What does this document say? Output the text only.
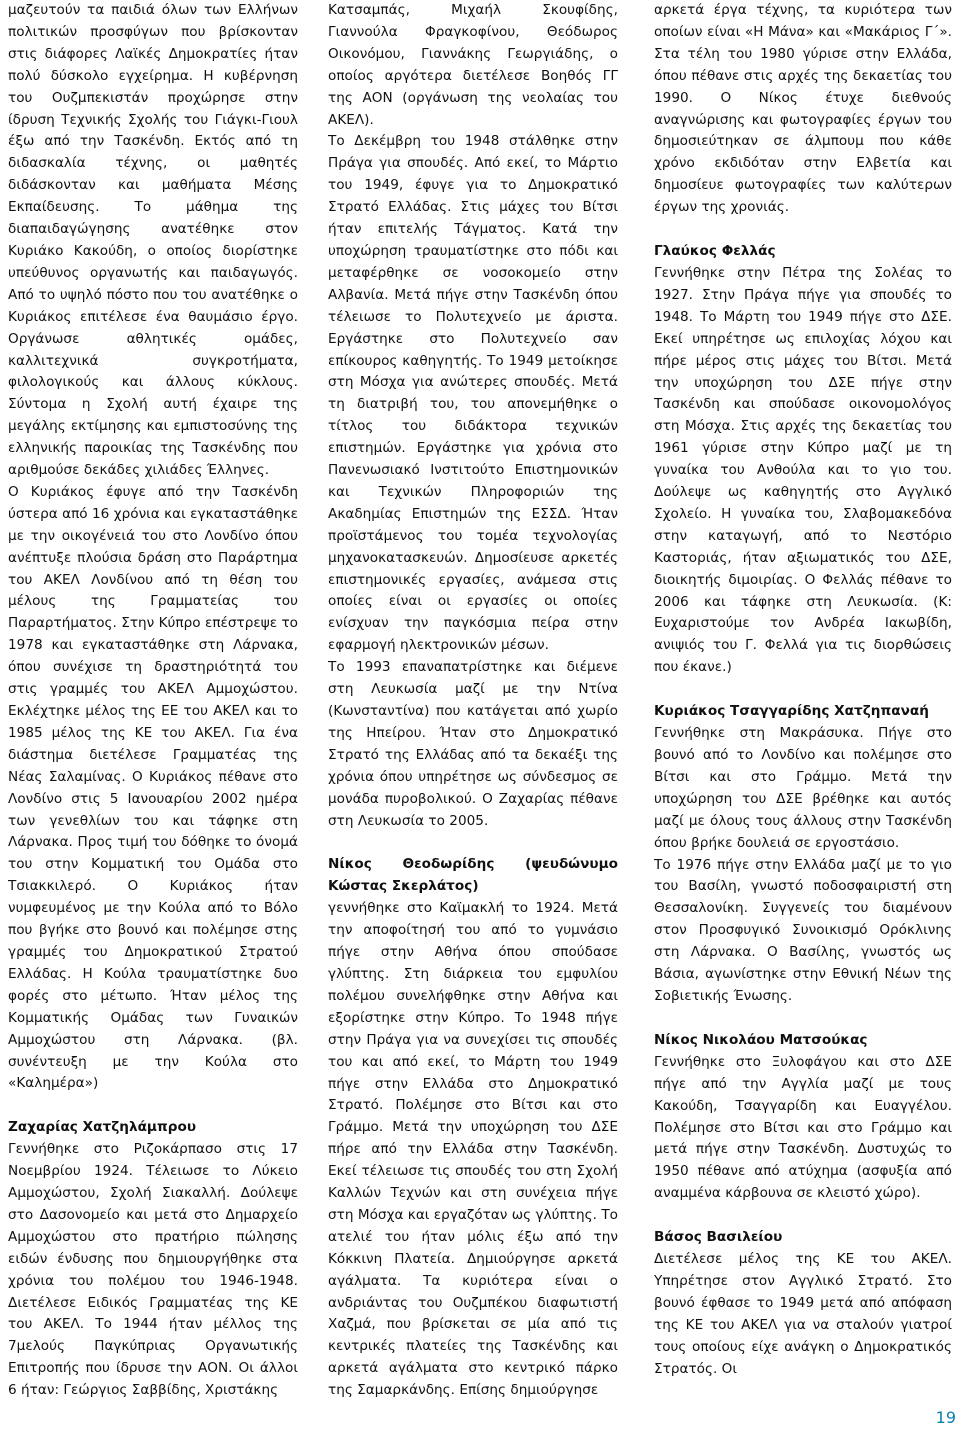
μαζευτούν τα παιδιά όλων των Ελλήνων πολιτικών προσφύγων που βρίσκονταν στις διάφορες Λαϊκές Δημοκρατίες ήταν πολύ δύσκολο εγχείρημα. Η κυβέρνηση του Ουζμπεκιστάν προχώρησε στην ίδρυση Τεχνικής Σχολής του Γιάγκι-Γιουλ έξω από την Τασκένδη. Εκτός από τη διδασκαλία τέχνης, οι μαθητές διδάσκονταν και μαθήματα Μέσης Εκπαίδευσης. Το μάθημα της διαπαιδαγώγησης ανατέθηκε στον Κυριάκο Κακούδη, ο οποίος διορίστηκε υπεύθυνος οργανωτής και παιδαγωγός. Από το υψηλό πόστο που του ανατέθηκε ο Κυριάκος επιτέλεσε ένα θαυμάσιο έργο. Οργάνωσε αθλητικές ομάδες, καλλιτεχνικά συγκροτήματα, φιλολογικούς και άλλους κύκλους. Σύντομα η Σχολή αυτή έχαιρε της μεγάλης εκτίμησης και εμπιστοσύνης της ελληνικής παροικίας της Τασκένδης που αριθμούσε δεκάδες χιλιάδες Έλληνες.

Ο Κυριάκος έφυγε από την Τασκένδη ύστερα από 16 χρόνια και εγκαταστάθηκε με την οικογένειά του στο Λονδίνο όπου ανέπτυξε πλούσια δράση στο Παράρτημα του ΑΚΕΛ Λονδίνου από τη θέση του μέλους της Γραμματείας του Παραρτήματος. Στην Κύπρο επέστρεψε το 1978 και εγκαταστάθηκε στη Λάρνακα, όπου συνέχισε τη δραστηριότητά του στις γραμμές του ΑΚΕΛ Αμμοχώστου. Εκλέχτηκε μέλος της ΕΕ του ΑΚΕΛ και το 1985 μέλος της ΚΕ του ΑΚΕΛ. Για ένα διάστημα διετέλεσε Γραμματέας της Νέας Σαλαμίνας. Ο Κυριάκος πέθανε στο Λονδίνο στις 5 Ιανουαρίου 2002 ημέρα των γενεθλίων του και τάφηκε στη Λάρνακα. Προς τιμή του δόθηκε το όνομά του στην Κομματική του Ομάδα στο Τσιακκιλερό. Ο Κυριάκος ήταν νυμφευμένος με την Κούλα από το Βόλο που βγήκε στο βουνό και πολέμησε στης γραμμές του Δημοκρατικού Στρατού Ελλάδας. Η Κούλα τραυματίστηκε δυο φορές στο μέτωπο. Ήταν μέλος της Κομματικής Ομάδας των Γυναικών Αμμοχώστου στη Λάρνακα. (βλ. συνέντευξη με την Κούλα στο «Καλημέρα»)

Ζαχαρίας Χατζηλάμπρου

Γεννήθηκε στο Ριζοκάρπασο στις 17 Νοεμβρίου 1924. Τέλειωσε το Λύκειο Αμμοχώστου, Σχολή Σιακαλλή. Δούλεψε στο Δασονομείο και μετά στο Δημαρχείο Αμμοχώστου στο πρατήριο πώλησης ειδών ένδυσης που δημιουργήθηκε στα χρόνια του πολέμου του 1946-1948. Διετέλεσε Ειδικός Γραμματέας της ΚΕ του ΑΚΕΛ. Το 1944 ήταν μέλλος της 7μελούς Παγκύπριας Οργανωτικής Επιτροπής που ίδρυσε την ΑΟΝ. Οι άλλοι 6 ήταν: Γεώργιος Σαββίδης, Χριστάκης

Κατσαμπάς, Μιχαήλ Σκουφίδης, Γιαννούλα Φραγκοφίνου, Θεόδωρος Οικονόμου, Γιαννάκης Γεωργιάδης, ο οποίος αργότερα διετέλεσε Βοηθός ΓΓ της ΑΟΝ (οργάνωση της νεολαίας του ΑΚΕΛ).

Το Δεκέμβρη του 1948 στάλθηκε στην Πράγα για σπουδές. Από εκεί, το Μάρτιο του 1949, έφυγε για το Δημοκρατικό Στρατό Ελλάδας. Στις μάχες του Βίτσι ήταν επιτελής Τάγματος. Κατά την υποχώρηση τραυματίστηκε στο πόδι και μεταφέρθηκε σε νοσοκομείο στην Αλβανία. Μετά πήγε στην Τασκένδη όπου τέλειωσε το Πολυτεχνείο με άριστα. Εργάστηκε στο Πολυτεχνείο σαν επίκουρος καθηγητής. Το 1949 μετοίκησε στη Μόσχα για ανώτερες σπουδές. Μετά τη διατριβή του, του απονεμήθηκε ο τίτλος του διδάκτορα τεχνικών επιστημών. Εργάστηκε για χρόνια στο Πανενωσιακό Ινστιτούτο Επιστημονικών και Τεχνικών Πληροφοριών της Ακαδημίας Επιστημών της ΕΣΣΔ. Ήταν προϊστάμενος του τομέα τεχνολογίας μηχανοκατασκευών. Δημοσίευσε αρκετές επιστημονικές εργασίες, ανάμεσα στις οποίες είναι οι εργασίες οι οποίες ενίσχυαν την παγκόσμια πείρα στην εφαρμογή ηλεκτρονικών μέσων.

Το 1993 επαναπατρίστηκε και διέμενε στη Λευκωσία μαζί με την Ντίνα (Κωνσταντίνα) που κατάγεται από χωρίο της Ηπείρου. Ήταν στο Δημοκρατικό Στρατό της Ελλάδας από τα δεκαέξι της χρόνια όπου υπηρέτησε ως σύνδεσμος σε μονάδα πυροβολικού. Ο Ζαχαρίας πέθανε στη Λευκωσία το 2005.

Νίκος Θεοδωρίδης (ψευδώνυμο Κώστας Σκερλάτος)

γεννήθηκε στο Καϊμακλή το 1924. Μετά την αποφοίτησή του από το γυμνάσιο πήγε στην Αθήνα όπου σπούδασε γλύπτης. Στη διάρκεια του εμφυλίου πολέμου συνελήφθηκε στην Αθήνα και εξορίστηκε στην Κύπρο. Το 1948 πήγε στην Πράγα για να συνεχίσει τις σπουδές του και από εκεί, το Μάρτη του 1949 πήγε στην Ελλάδα στο Δημοκρατικό Στρατό. Πολέμησε στο Βίτσι και στο Γράμμο. Μετά την υποχώρηση του ΔΣΕ πήρε από την Ελλάδα στην Τασκένδη. Εκεί τέλειωσε τις σπουδές του στη Σχολή Καλλών Τεχνών και στη συνέχεια πήγε στη Μόσχα και εργαζόταν ως γλύπτης. Το ατελιέ του ήταν μόλις έξω από την Κόκκινη Πλατεία. Δημιούργησε αρκετά αγάλματα. Τα κυριότερα είναι ο ανδριάντας του Ουζμπέκου διαφωτιστή Χαζμά, που βρίσκεται σε μία από τις κεντρικές πλατείες της Τασκένδης και αρκετά αγάλματα στο κεντρικό πάρκο της Σαμαρκάνδης. Επίσης δημιούργησε

αρκετά έργα τέχνης, τα κυριότερα των οποίων είναι «Η Μάνα» και «Μακάριος Γ΄». Στα τέλη του 1980 γύρισε στην Ελλάδα, όπου πέθανε στις αρχές της δεκαετίας του 1990. Ο Νίκος έτυχε διεθνούς αναγνώρισης και φωτογραφίες έργων του δημοσιεύτηκαν σε άλμπουμ που κάθε χρόνο εκδιδόταν στην Ελβετία και δημοσίευε φωτογραφίες των καλύτερων έργων της χρονιάς.

Γλαύκος Φελλάς

Γεννήθηκε στην Πέτρα της Σολέας το 1927. Στην Πράγα πήγε για σπουδές το 1948. Το Μάρτη του 1949 πήγε στο ΔΣΕ. Εκεί υπηρέτησε ως επιλοχίας λόχου και πήρε μέρος στις μάχες του Βίτσι. Μετά την υποχώρηση του ΔΣΕ πήγε στην Τασκένδη και σπούδασε οικονομολόγος στη Μόσχα. Στις αρχές της δεκαετίας του 1961 γύρισε στην Κύπρο μαζί με τη γυναίκα του Ανθούλα και το γιο του. Δούλεψε ως καθηγητής στο Αγγλικό Σχολείο. Η γυναίκα του, Σλαβομακεδόνα στην καταγωγή, από το Νεστόριο Καστοριάς, ήταν αξιωματικός του ΔΣΕ, διοικητής διμοιρίας. Ο Φελλάς πέθανε το 2006 και τάφηκε στη Λευκωσία. (Κ: Ευχαριστούμε τον Ανδρέα Ιακωβίδη, ανιψιός του Γ. Φελλά για τις διορθώσεις που έκανε.)

Κυριάκος Τσαγγαρίδης Χατζηπαναή

Γεννήθηκε στη Μακράσυκα. Πήγε στο βουνό από το Λονδίνο και πολέμησε στο Βίτσι και στο Γράμμο. Μετά την υποχώρηση του ΔΣΕ βρέθηκε και αυτός μαζί με όλους τους άλλους στην Τασκένδη όπου βρήκε δουλειά σε εργοστάσιο.

Το 1976 πήγε στην Ελλάδα μαζί με το γιο του Βασίλη, γνωστό ποδοσφαιριστή στη Θεσσαλονίκη. Συγγενείς του διαμένουν στον Προσφυγικό Συνοικισμό Ορόκλινης στη Λάρνακα. Ο Βασίλης, γνωστός ως Βάσια, αγωνίστηκε στην Εθνική Νέων της Σοβιετικής Ένωσης.

Νίκος Νικολάου Ματσούκας

Γεννήθηκε στο Ξυλοφάγου και στο ΔΣΕ πήγε από την Αγγλία μαζί με τους Κακούδη, Τσαγγαρίδη και Ευαγγέλου. Πολέμησε στο Βίτσι και στο Γράμμο και μετά πήγε στην Τασκένδη. Δυστυχώς το 1950 πέθανε από ατύχημα (ασφυξία από αναμμένα κάρβουνα σε κλειστό χώρο).

Βάσος Βασιλείου

Διετέλεσε μέλος της ΚΕ του ΑΚΕΛ. Υπηρέτησε στον Αγγλικό Στρατό. Στο βουνό έφθασε το 1949 μετά από απόφαση της ΚΕ του ΑΚΕΛ για να σταλούν γιατροί τους οποίους είχε ανάγκη ο Δημοκρατικός Στρατός. Οι

19
